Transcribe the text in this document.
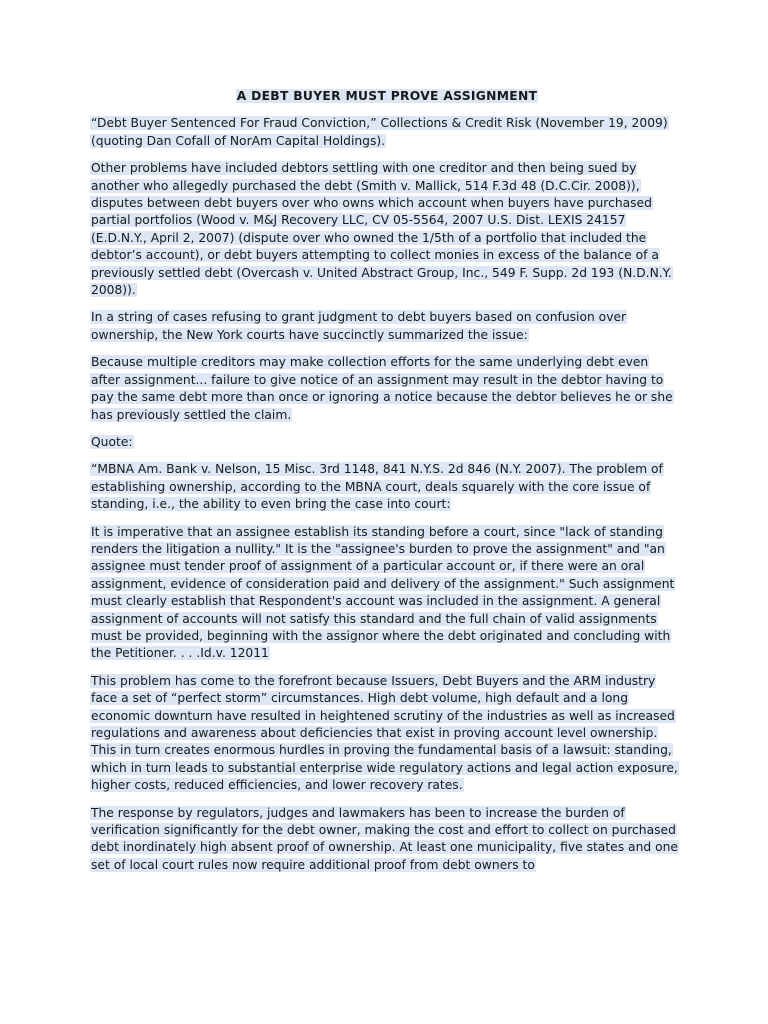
A DEBT BUYER MUST PROVE ASSIGNMENT
“Debt Buyer Sentenced For Fraud Conviction,” Collections & Credit Risk (November 19, 2009) (quoting Dan Cofall of NorAm Capital Holdings).
Other problems have included debtors settling with one creditor and then being sued by another who allegedly purchased the debt (Smith v. Mallick, 514 F.3d 48 (D.C.Cir. 2008)), disputes between debt buyers over who owns which account when buyers have purchased partial portfolios (Wood v. M&J Recovery LLC, CV 05-5564, 2007 U.S. Dist. LEXIS 24157 (E.D.N.Y., April 2, 2007) (dispute over who owned the 1/5th of a portfolio that included the debtor’s account), or debt buyers attempting to collect monies in excess of the balance of a previously settled debt (Overcash v. United Abstract Group, Inc., 549 F. Supp. 2d 193 (N.D.N.Y. 2008)).
In a string of cases refusing to grant judgment to debt buyers based on confusion over ownership, the New York courts have succinctly summarized the issue:
Because multiple creditors may make collection efforts for the same underlying debt even after assignment... failure to give notice of an assignment may result in the debtor having to pay the same debt more than once or ignoring a notice because the debtor believes he or she has previously settled the claim.
Quote:
“MBNA Am. Bank v. Nelson, 15 Misc. 3rd 1148, 841 N.Y.S. 2d 846 (N.Y. 2007). The problem of establishing ownership, according to the MBNA court, deals squarely with the core issue of standing, i.e., the ability to even bring the case into court:
It is imperative that an assignee establish its standing before a court, since "lack of standing renders the litigation a nullity." It is the "assignee's burden to prove the assignment" and "an assignee must tender proof of assignment of a particular account or, if there were an oral assignment, evidence of consideration paid and delivery of the assignment." Such assignment must clearly establish that Respondent's account was included in the assignment. A general assignment of accounts will not satisfy this standard and the full chain of valid assignments must be provided, beginning with the assignor where the debt originated and concluding with the Petitioner. . . .Id.v. 12011
This problem has come to the forefront because Issuers, Debt Buyers and the ARM industry face a set of “perfect storm” circumstances. High debt volume, high default and a long economic downturn have resulted in heightened scrutiny of the industries as well as increased regulations and awareness about deficiencies that exist in proving account level ownership. This in turn creates enormous hurdles in proving the fundamental basis of a lawsuit: standing, which in turn leads to substantial enterprise wide regulatory actions and legal action exposure, higher costs, reduced efficiencies, and lower recovery rates.
The response by regulators, judges and lawmakers has been to increase the burden of verification significantly for the debt owner, making the cost and effort to collect on purchased debt inordinately high absent proof of ownership. At least one municipality, five states and one set of local court rules now require additional proof from debt owners to
